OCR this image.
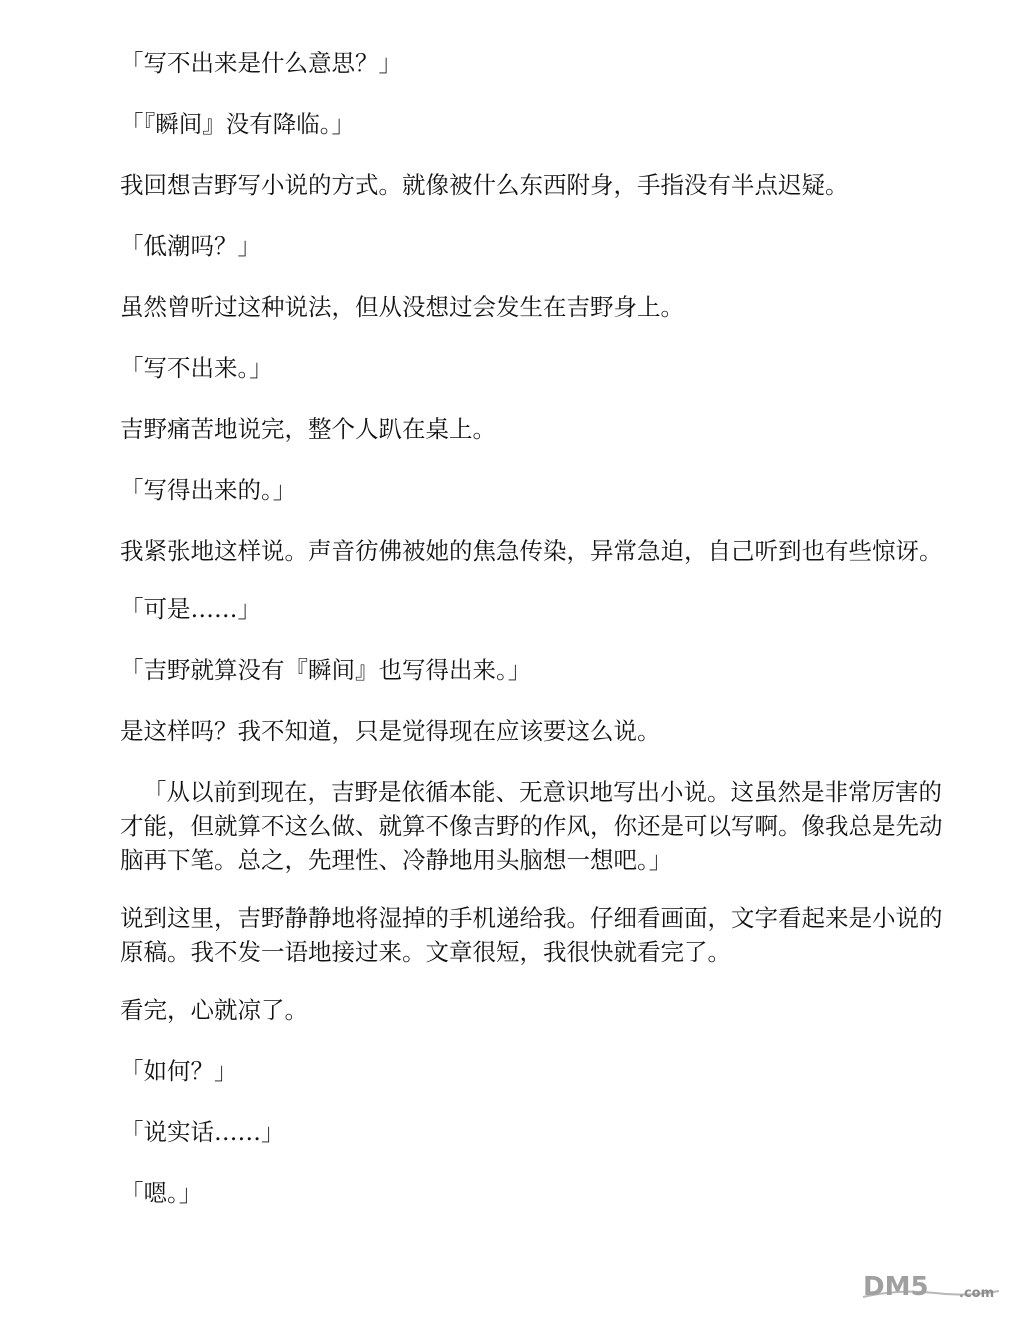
「写不出来是什么意思？」

「『瞬间』没有降临。」

我回想吉野写小说的方式。就像被什么东西附身，手指没有半点迟疑。

「低潮吗？」

虽然曾听过这种说法，但从没想过会发生在吉野身上。

「写不出来。」

吉野痛苦地说完，整个人趴在桌上。

「写得出来的。」

我紧张地这样说。声音彷佛被她的焦急传染，异常急迫，自己听到也有些惊讶。

「可是……」

「吉野就算没有『瞬间』也写得出来。」

是这样吗？我不知道，只是觉得现在应该要这么说。

「从以前到现在，吉野是依循本能、无意识地写出小说。这虽然是非常厉害的才能，但就算不这么做、就算不像吉野的作风，你还是可以写啊。像我总是先动脑再下笔。总之，先理性、冷静地用头脑想一想吧。」

说到这里，吉野静静地将湿掉的手机递给我。仔细看画面，文字看起来是小说的原稿。我不发一语地接过来。文章很短，我很快就看完了。

看完，心就凉了。

「如何？」

「说实话……」

「嗯。」

DM5 .com
